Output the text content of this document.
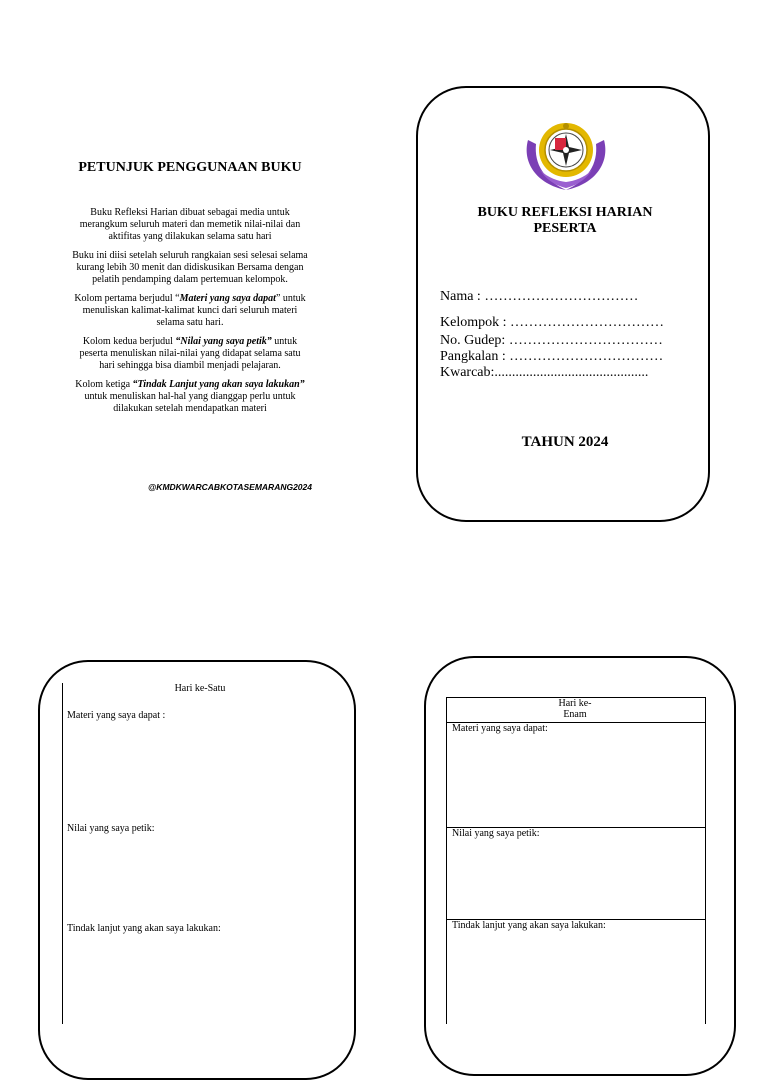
PETUNJUK PENGGUNAAN BUKU

Buku Refleksi Harian dibuat sebagai media untuk merangkum seluruh materi dan memetik nilai-nilai dan aktifitas yang dilakukan selama satu hari

Buku ini diisi setelah seluruh rangkaian sesi selesai selama kurang lebih 30 menit dan didiskusikan Bersama dengan pelatih pendamping dalam pertemuan kelompok.

Kolom pertama berjudul “Materi yang saya dapat” untuk menuliskan kalimat-kalimat kunci dari seluruh materi selama satu hari.

Kolom kedua berjudul “Nilai yang saya petik” untuk peserta menuliskan nilai-nilai yang didapat selama satu hari sehingga bisa diambil menjadi pelajaran.

Kolom ketiga “Tindak Lanjut yang akan saya lakukan” untuk menuliskan hal-hal yang dianggap perlu untuk dilakukan setelah mendapatkan materi

@KMDKWARCABKOTASEMARANG2024
BUKU REFLEKSI HARIAN
PESERTA
Nama : ……………………………
Kelompok : ……………………………
No. Gudep: ……………………………
Pangkalan : ……………………………
Kwarcab:............................................
TAHUN 2024
Hari ke-Satu
Materi yang saya dapat :
Nilai yang saya petik:
Tindak lanjut yang akan saya lakukan:
Hari ke-
Enam
Materi yang saya dapat:
Nilai yang saya petik:
Tindak lanjut yang akan saya lakukan:
